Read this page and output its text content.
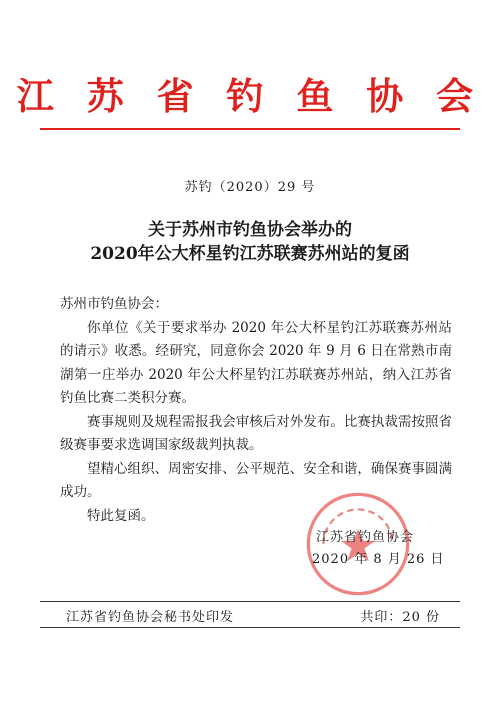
江 苏 省 钓 鱼 协 会
苏钓（2020）29 号
关于苏州市钓鱼协会举办的
2020年公大杯星钓江苏联赛苏州站的复函

苏州市钓鱼协会：

你单位《关于要求举办 2020 年公大杯星钓江苏联赛苏州站的请示》收悉。经研究，同意你会 2020 年 9 月 6 日在常熟市南湖第一庄举办 2020 年公大杯星钓江苏联赛苏州站，纳入江苏省钓鱼比赛二类积分赛。

赛事规则及规程需报我会审核后对外发布。比赛执裁需按照省级赛事要求选调国家级裁判执裁。

望精心组织、周密安排、公平规范、安全和谐，确保赛事圆满成功。

特此复函。

江苏省钓鱼协会
2020 年 8 月 26 日
江苏省钓鱼协会秘书处印发	共印：20 份
